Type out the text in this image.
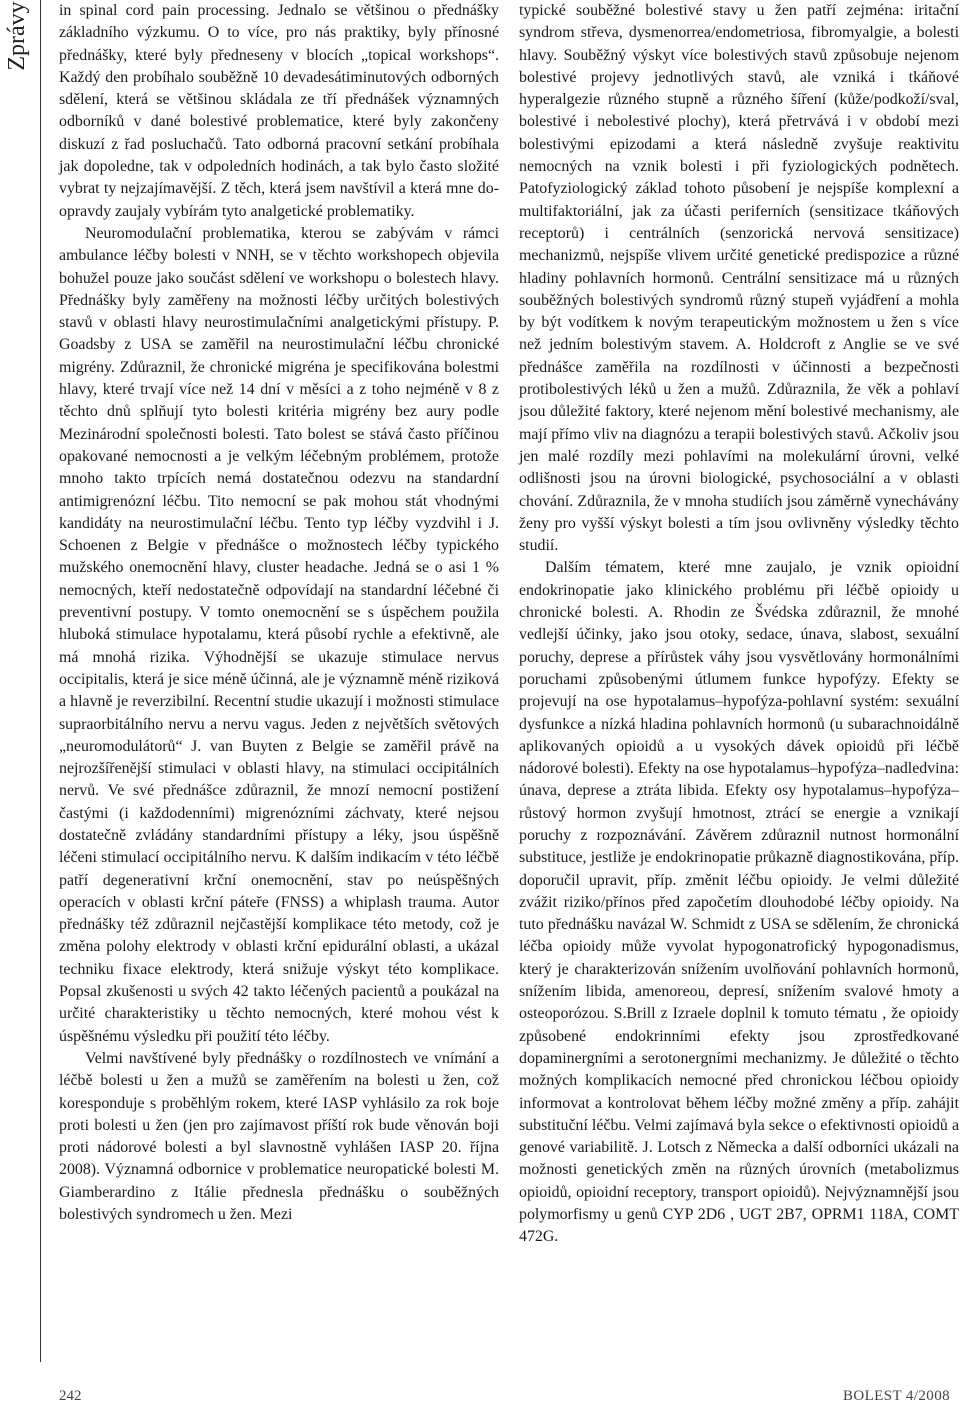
Zprávy in spinal cord pain processing. Jednalo se většinou o přednášky základního výzkumu. O to více, pro nás praktiky, byly přínosné přednášky, které byly předneseny v blocích „topical workshops“. Každý den probíhalo souběžně 10 devadesátiminutových odborných sdělení, která se většinou skládala ze tří přednášek významných odborníků v dané bolestivé problematice, které byly zakončeny diskuzí z řad posluchačů. Tato odborná pracovní setkání probíhala jak dopoledne, tak v odpoledních hodinách, a tak bylo často složité vybrat ty nejzajímavější. Z těch, která jsem navštívil a která mne doopravdy zaujaly vybírám tyto analgetické problematiky.

Neuromodulační problematika, kterou se zabývám v rámci ambulance léčby bolesti v NNH, se v těchto workshopech objevila bohužel pouze jako součást sdělení ve workshopu o bolestech hlavy. Přednášky byly zaměřeny na možnosti léčby určitých bolestivých stavů v oblasti hlavy neurostimulačními analgetickými přístupy. P. Goadsby z USA se zaměřil na neurostimulační léčbu chronické migrény. Zdůraznil, že chronické migréna je specifikována bolestmi hlavy, které trvají více než 14 dní v měsíci a z toho nejméně v 8 z těchto dnů splňují tyto bolesti kritéria migrény bez aury podle Mezinárodní společnosti bolesti. Tato bolest se stává často příčinou opakované nemocnosti a je velkým léčebným problémem, protože mnoho takto trpících nemá dostatečnou odezvu na standardní antimigrenózní léčbu. Tito nemocní se pak mohou stát vhodnými kandidáty na neurostimulační léčbu. Tento typ léčby vyzdvihl i J. Schoenen z Belgie v přednášce o možnostech léčby typického mužského onemocnění hlavy, cluster headache. Jedná se o asi 1 % nemocných, kteří nedostatečně odpovídají na standardní léčebné či preventivní postupy. V tomto onemocnění se s úspěchem použila hluboká stimulace hypotalamu, která působí rychle a efektivně, ale má mnohá rizika. Výhodnější se ukazuje stimulace nervus occipitalis, která je sice méně účinná, ale je významně méně riziková a hlavně je reverzibilní. Recentní studie ukazují i možnosti stimulace supraorbitálního nervu a nervu vagus. Jeden z největších světových „neuromodulátorů“ J. van Buyten z Belgie se zaměřil právě na nejrozšířenější stimulaci v oblasti hlavy, na stimulaci occipitálních nervů. Ve své přednášce zdůraznil, že mnozí nemocní postižení častými (i každodenními) migrenózními záchvaty, které nejsou dostatečně zvládány standardními přístupy a léky, jsou úspěšně léčeni stimulací occipitálního nervu. K dalším indikacím v této léčbě patří degenerativní krční onemocnění, stav po neúspěšných operacích v oblasti krční páteře (FNSS) a whiplash trauma. Autor přednášky též zdůraznil nejčastější komplikace této metody, což je změna polohy elektrody v oblasti krční epidurální oblasti, a ukázal techniku fixace elektrody, která snižuje výskyt této komplikace. Popsal zkušenosti u svých 42 takto léčených pacientů a poukázal na určité charakteristiky u těchto nemocných, které mohou vést k úspěšnému výsledku při použití této léčby.

Velmi navštívené byly přednášky o rozdílnostech ve vnímání a léčbě bolesti u žen a mužů se zaměřením na bolesti u žen, což koresponduje s proběhlým rokem, které IASP vyhlásilo za rok boje proti bolesti u žen (jen pro zajímavost příští rok bude věnován boji proti nádorové bolesti a byl slavnostně vyhlášen IASP 20. října 2008). Významná odbornice v problematice neuropatické bolesti M. Giamberardino z Itálie přednesla přednášku o souběžných bolestivých syndromech u žen. Mezi

typické souběžné bolestivé stavy u žen patří zejména: iritační syndrom střeva, dysmenorrea/endometriosa, fibromyalgie, a bolesti hlavy. Souběžný výskyt více bolestivých stavů způsobuje nejenom bolestivé projevy jednotlivých stavů, ale vzniká i tkáňové hyperalgezie různého stupně a různého šíření (kůže/podkoží/sval, bolestivé i nebolestivé plochy), která přetrvává i v období mezi bolestivými epizodami a která následně zvyšuje reaktivitu nemocných na vznik bolesti i při fyziologických podnětech. Patofyziologický základ tohoto působení je nejspíše komplexní a multifaktoriální, jak za účasti periferních (sensitizace tkáňových receptorů) i centrálních (senzorická nervová sensitizace) mechanizmů, nejspíše vlivem určité genetické predispozice a různé hladiny pohlavních hormonů. Centrální sensitizace má u různých souběžných bolestivých syndromů různý stupeň vyjádření a mohla by být vodítkem k novým terapeutickým možnostem u žen s více než jedním bolestivým stavem. A. Holdcroft z Anglie se ve své přednášce zaměřila na rozdílnosti v účinnosti a bezpečnosti protibolestivých léků u žen a mužů. Zdůraznila, že věk a pohlaví jsou důležité faktory, které nejenom mění bolestivé mechanismy, ale mají přímo vliv na diagnózu a terapii bolestivých stavů. Ačkoliv jsou jen malé rozdíly mezi pohlavími na molekulární úrovni, velké odlišnosti jsou na úrovni biologické, psychosociální a v oblasti chování. Zdůraznila, že v mnoha studiích jsou záměrně vynechávány ženy pro vyšší výskyt bolesti a tím jsou ovlivněny výsledky těchto studií.

Dalším tématem, které mne zaujalo, je vznik opioidní endokrinopatie jako klinického problému při léčbě opioidy u chronické bolesti. A. Rhodin ze Švédska zdůraznil, že mnohé vedlejší účinky, jako jsou otoky, sedace, únava, slabost, sexuální poruchy, deprese a přírůstek váhy jsou vysvětlovány hormonálními poruchami způsobenými útlumem funkce hypofýzy. Efekty se projevují na ose hypotalamus–hypofýza-pohlavní systém: sexuální dysfunkce a nízká hladina pohlavních hormonů (u subarachnoidálně aplikovaných opioidů a u vysokých dávek opioidů při léčbě nádorové bolesti). Efekty na ose hypotalamus–hypofýza–nadledvina: únava, deprese a ztráta libida. Efekty osy hypotalamus–hypofýza–růstový hormon zvyšují hmotnost, ztrácí se energie a vznikají poruchy z rozpoznávání. Závěrem zdůraznil nutnost hormonální substituce, jestliže je endokrinopatie průkazně diagnostikována, příp. doporučil upravit, příp. změnit léčbu opioidy. Je velmi důležité zvážit riziko/přínos před započetím dlouhodobé léčby opioidy. Na tuto přednášku navázal W. Schmidt z USA se sdělením, že chronická léčba opioidy může vyvolat hypogonatrofický hypogonadismus, který je charakterizován snížením uvolňování pohlavních hormonů, snížením libida, amenoreou, depresí, snížením svalové hmoty a osteoporózou. S.Brill z Izraele doplnil k tomuto tématu , že opioidy způsobené endokrinními efekty jsou zprostředkované dopaminergními a serotonergními mechanizmy. Je důležité o těchto možných komplikacích nemocné před chronickou léčbou opioidy informovat a kontrolovat během léčby možné změny a příp. zahájit substituční léčbu. Velmi zajímavá byla sekce o efektivnosti opioidů a genové variabilitě. J. Lotsch z Německa a další odborníci ukázali na možnosti genetických změn na různých úrovních (metabolizmus opioidů, opioidní receptory, transport opioidů). Nejvýznamnější jsou polymorfismy u genů CYP 2D6 , UGT 2B7, OPRM1 118A, COMT 472G.

242	BOLEST 4/2008
